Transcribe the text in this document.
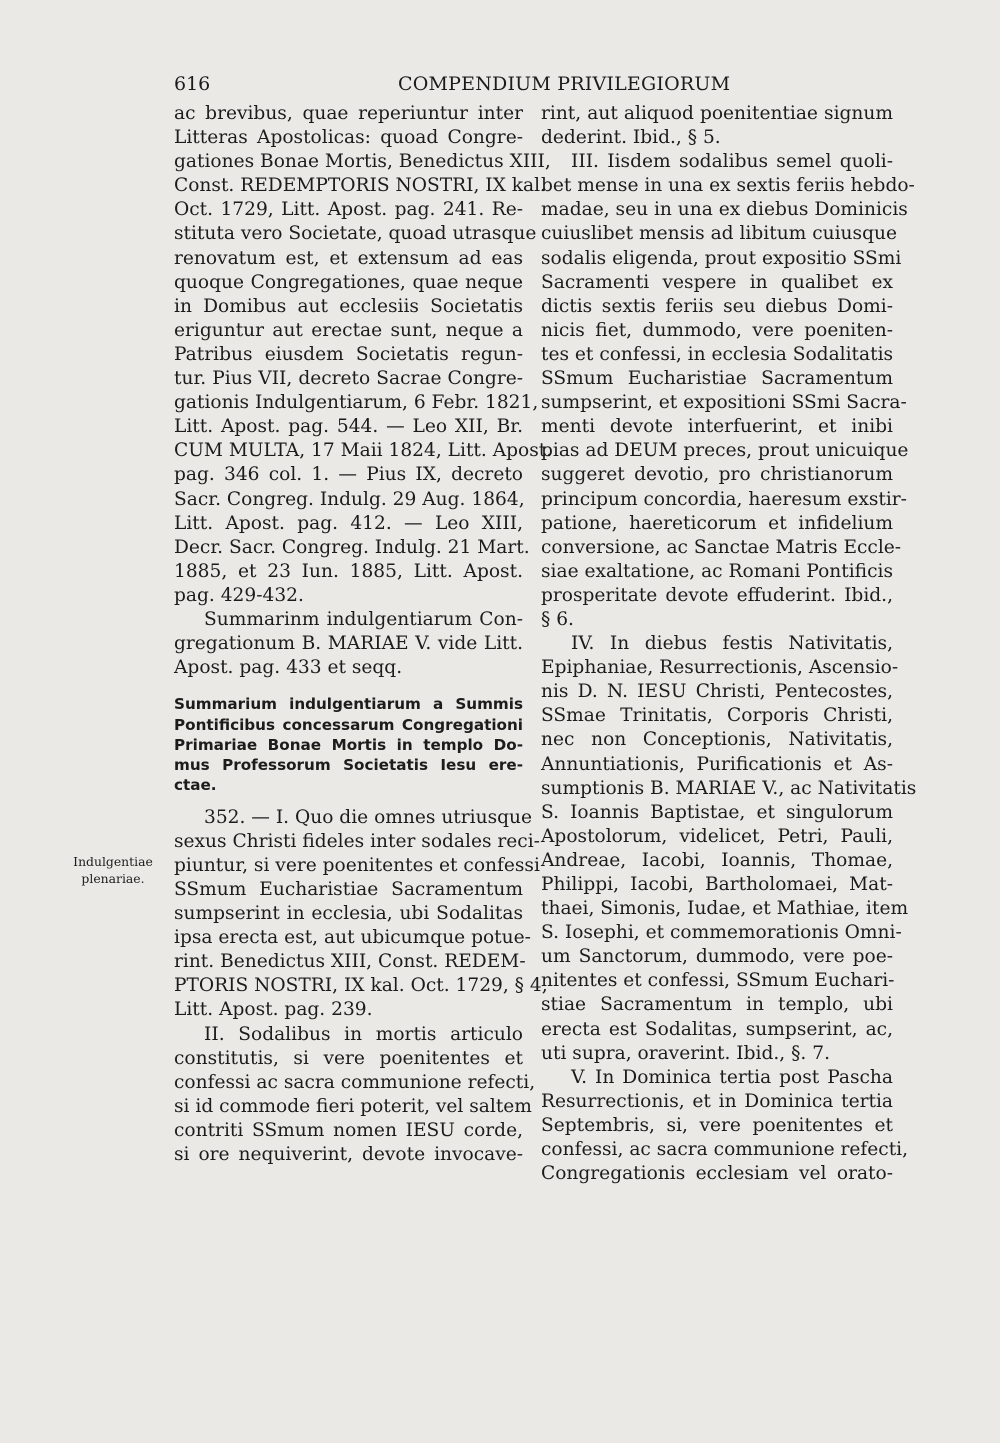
616	COMPENDIUM PRIVILEGIORUM
Indulgentiae
plenariae.
ac brevibus, quae reperiuntur inter
Litteras Apostolicas: quoad Congre-
gationes Bonae Mortis, Benedictus XIII,
Const. REDEMPTORIS NOSTRI, IX kal.
Oct. 1729, Litt. Apost. pag. 241. Re-
stituta vero Societate, quoad utrasque
renovatum est, et extensum ad eas
quoque Congregationes, quae neque
in Domibus aut ecclesiis Societatis
eriguntur aut erectae sunt, neque a
Patribus eiusdem Societatis regun-
tur. Pius VII, decreto Sacrae Congre-
gationis Indulgentiarum, 6 Febr. 1821,
Litt. Apost. pag. 544. — Leo XII, Br.
CUM MULTA, 17 Maii 1824, Litt. Apost.
pag. 346 col. 1. — Pius IX, decreto
Sacr. Congreg. Indulg. 29 Aug. 1864,
Litt. Apost. pag. 412. — Leo XIII,
Decr. Sacr. Congreg. Indulg. 21 Mart.
1885, et 23 Iun. 1885, Litt. Apost.
pag. 429-432.
Summarinm indulgentiarum Con-
gregationum B. MARIAE V. vide Litt.
Apost. pag. 433 et seqq.
Summarium indulgentiarum a Summis
Pontificibus concessarum Congregationi
Primariae Bonae Mortis in templo Do-
mus Professorum Societatis Iesu ere-
ctae.
352. — I. Quo die omnes utriusque
sexus Christi fideles inter sodales reci-
piuntur, si vere poenitentes et confessi
SSmum Eucharistiae Sacramentum
sumpserint in ecclesia, ubi Sodalitas
ipsa erecta est, aut ubicumque potue-
rint. Benedictus XIII, Const. REDEM-
PTORIS NOSTRI, IX kal. Oct. 1729, § 4,
Litt. Apost. pag. 239.
II. Sodalibus in mortis articulo
constitutis, si vere poenitentes et
confessi ac sacra communione refecti,
si id commode fieri poterit, vel saltem
contriti SSmum nomen IESU corde,
si ore nequiverint, devote invocave-
rint, aut aliquod poenitentiae signum
dederint. Ibid., § 5.
III. Iisdem sodalibus semel quoli-
bet mense in una ex sextis feriis hebdo-
madae, seu in una ex diebus Dominicis
cuiuslibet mensis ad libitum cuiusque
sodalis eligenda, prout expositio SSmi
Sacramenti vespere in qualibet ex
dictis sextis feriis seu diebus Domi-
nicis fiet, dummodo, vere poeniten-
tes et confessi, in ecclesia Sodalitatis
SSmum Eucharistiae Sacramentum
sumpserint, et expositioni SSmi Sacra-
menti devote interfuerint, et inibi
pias ad DEUM preces, prout unicuique
suggeret devotio, pro christianorum
principum concordia, haeresum exstir-
patione, haereticorum et infidelium
conversione, ac Sanctae Matris Eccle-
siae exaltatione, ac Romani Pontificis
prosperitate devote effuderint. Ibid.,
§ 6.
IV. In diebus festis Nativitatis,
Epiphaniae, Resurrectionis, Ascensio-
nis D. N. IESU Christi, Pentecostes,
SSmae Trinitatis, Corporis Christi,
nec non Conceptionis, Nativitatis,
Annuntiationis, Purificationis et As-
sumptionis B. MARIAE V., ac Nativitatis
S. Ioannis Baptistae, et singulorum
Apostolorum, videlicet, Petri, Pauli,
Andreae, Iacobi, Ioannis, Thomae,
Philippi, Iacobi, Bartholomaei, Mat-
thaei, Simonis, Iudae, et Mathiae, item
S. Iosephi, et commemorationis Omni-
um Sanctorum, dummodo, vere poe-
nitentes et confessi, SSmum Euchari-
stiae Sacramentum in templo, ubi
erecta est Sodalitas, sumpserint, ac,
uti supra, oraverint. Ibid., §. 7.
V. In Dominica tertia post Pascha
Resurrectionis, et in Dominica tertia
Septembris, si, vere poenitentes et
confessi, ac sacra communione refecti,
Congregationis ecclesiam vel orato-
